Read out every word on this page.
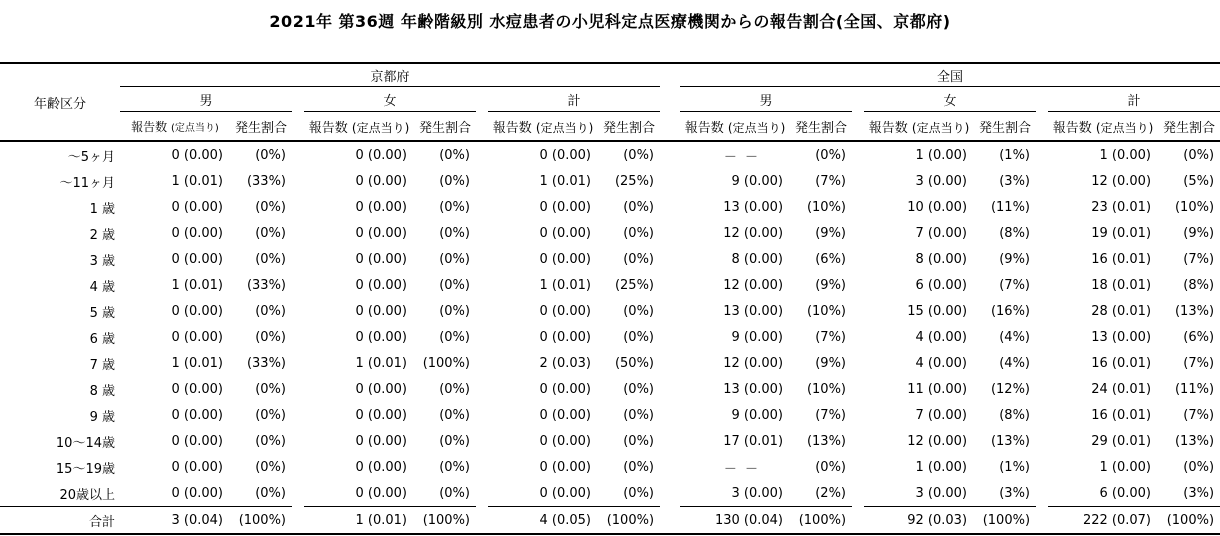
2021年 第36週 年齢階級別 水痘患者の小児科定点医療機関からの報告割合(全国、京都府)
年齢区分	京都府									全国							
	男			女			計			男			女			計	
	報告数 (定点当り)	発生割合		報告数 (定点当り)	発生割合		報告数 (定点当り)	発生割合		報告数 (定点当り)	発生割合		報告数 (定点当り)	発生割合		報告数 (定点当り)	発生割合
～5ヶ月	0 (0.00)	(0%)		0 (0.00)	(0%)		0 (0.00)	(0%)		－ －	(0%)		1 (0.00)	(1%)		1 (0.00)	(0%)
～11ヶ月	1 (0.01)	(33%)		0 (0.00)	(0%)		1 (0.01)	(25%)		9 (0.00)	(7%)		3 (0.00)	(3%)		12 (0.00)	(5%)
1 歳	0 (0.00)	(0%)		0 (0.00)	(0%)		0 (0.00)	(0%)		13 (0.00)	(10%)		10 (0.00)	(11%)		23 (0.01)	(10%)
2 歳	0 (0.00)	(0%)		0 (0.00)	(0%)		0 (0.00)	(0%)		12 (0.00)	(9%)		7 (0.00)	(8%)		19 (0.01)	(9%)
3 歳	0 (0.00)	(0%)		0 (0.00)	(0%)		0 (0.00)	(0%)		8 (0.00)	(6%)		8 (0.00)	(9%)		16 (0.01)	(7%)
4 歳	1 (0.01)	(33%)		0 (0.00)	(0%)		1 (0.01)	(25%)		12 (0.00)	(9%)		6 (0.00)	(7%)		18 (0.01)	(8%)
5 歳	0 (0.00)	(0%)		0 (0.00)	(0%)		0 (0.00)	(0%)		13 (0.00)	(10%)		15 (0.00)	(16%)		28 (0.01)	(13%)
6 歳	0 (0.00)	(0%)		0 (0.00)	(0%)		0 (0.00)	(0%)		9 (0.00)	(7%)		4 (0.00)	(4%)		13 (0.00)	(6%)
7 歳	1 (0.01)	(33%)		1 (0.01)	(100%)		2 (0.03)	(50%)		12 (0.00)	(9%)		4 (0.00)	(4%)		16 (0.01)	(7%)
8 歳	0 (0.00)	(0%)		0 (0.00)	(0%)		0 (0.00)	(0%)		13 (0.00)	(10%)		11 (0.00)	(12%)		24 (0.01)	(11%)
9 歳	0 (0.00)	(0%)		0 (0.00)	(0%)		0 (0.00)	(0%)		9 (0.00)	(7%)		7 (0.00)	(8%)		16 (0.01)	(7%)
10～14歳	0 (0.00)	(0%)		0 (0.00)	(0%)		0 (0.00)	(0%)		17 (0.01)	(13%)		12 (0.00)	(13%)		29 (0.01)	(13%)
15～19歳	0 (0.00)	(0%)		0 (0.00)	(0%)		0 (0.00)	(0%)		－ －	(0%)		1 (0.00)	(1%)		1 (0.00)	(0%)
20歳以上	0 (0.00)	(0%)		0 (0.00)	(0%)		0 (0.00)	(0%)		3 (0.00)	(2%)		3 (0.00)	(3%)		6 (0.00)	(3%)
合計	3 (0.04)	(100%)		1 (0.01)	(100%)		4 (0.05)	(100%)		130 (0.04)	(100%)		92 (0.03)	(100%)		222 (0.07)	(100%)
